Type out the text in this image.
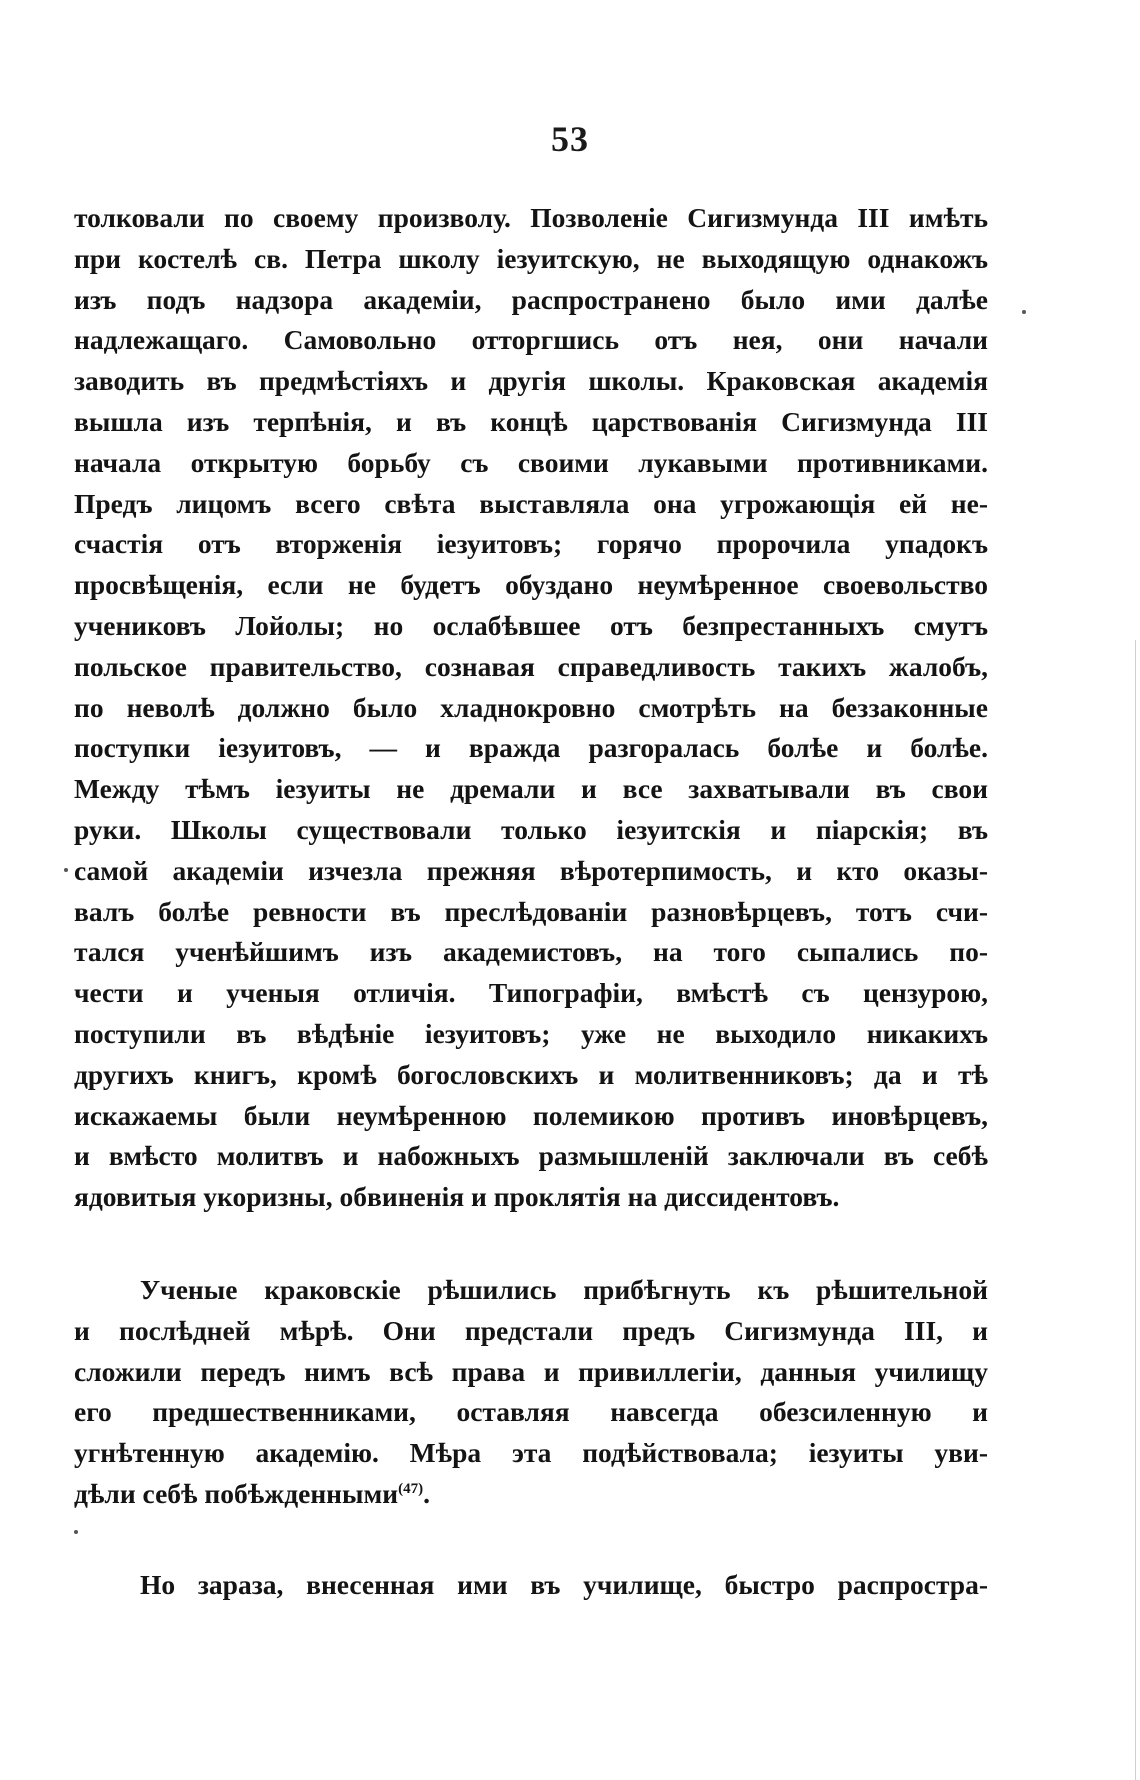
53
толковали по своему произволу. Позволеніе Сигизмунда III имѣть
при костелѣ св. Петра школу іезуитскую, не выходящую однакожъ
изъ подъ надзора академіи, распространено было ими далѣе
надлежащаго. Самовольно отторгшись отъ нея, они начали
заводить въ предмѣстіяхъ и другія школы. Краковская академія
вышла изъ терпѣнія, и въ концѣ царствованія Сигизмунда III
начала открытую борьбу съ своими лукавыми противниками.
Предъ лицомъ всего свѣта выставляла она угрожающія ей не-
счастія отъ вторженія іезуитовъ; горячо пророчила упадокъ
просвѣщенія, если не будетъ обуздано неумѣренное своевольство
учениковъ Лойолы; но ослабѣвшее отъ безпрестанныхъ смутъ
польское правительство, сознавая справедливость такихъ жалобъ,
по неволѣ должно было хладнокровно смотрѣть на беззаконные
поступки іезуитовъ, — и вражда разгоралась болѣе и болѣе.
Между тѣмъ іезуиты не дремали и все захватывали въ свои
руки. Школы существовали только іезуитскія и піарскія; въ
самой академіи изчезла прежняя вѣротерпимость, и кто оказы-
валъ болѣе ревности въ преслѣдованіи разновѣрцевъ, тотъ счи-
тался ученѣйшимъ изъ академистовъ, на того сыпались по-
чести и ученыя отличія. Типографіи, вмѣстѣ съ цензурою,
поступили въ вѣдѣніе іезуитовъ; уже не выходило никакихъ
другихъ книгъ, кромѣ богословскихъ и молитвенниковъ; да и тѣ
искажаемы были неумѣренною полемикою противъ иновѣрцевъ,
и вмѣсто молитвъ и набожныхъ размышленій заключали въ себѣ
ядовитыя укоризны, обвиненія и проклятія на диссидентовъ.
Ученые краковскіе рѣшились прибѣгнуть къ рѣшительной
и послѣдней мѣрѣ. Они предстали предъ Сигизмунда III, и
сложили передъ нимъ всѣ права и привиллегіи, данныя училищу
его предшественниками, оставляя навсегда обезсиленную и
угнѣтенную академію. Мѣра эта подѣйствовала; іезуиты уви-
дѣли себѣ побѣжденными$^{(47)}$.
Но зараза, внесенная ими въ училище, быстро распростра-
